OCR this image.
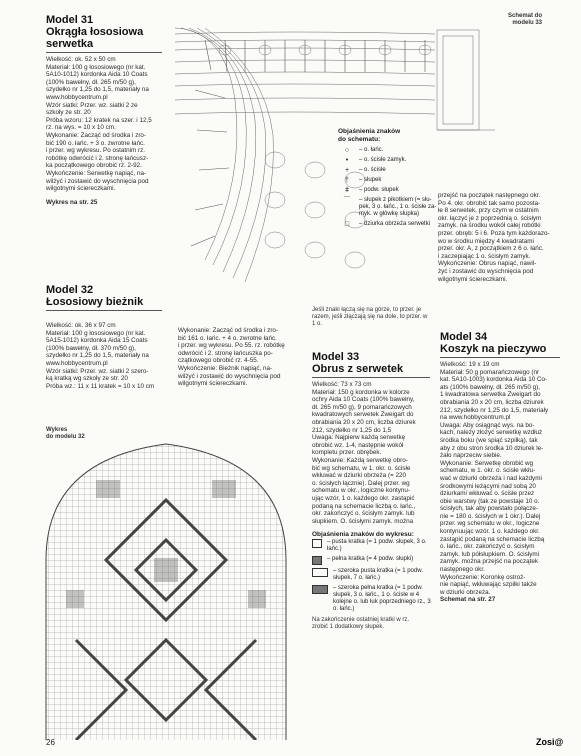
Model 31
Okrągła łososiowa
serwetka
Wielkość: ok. 52 x 50 cm
Materiał: 100 g łososiowego (nr kat.
5A10-1012) kordonka Aida 10 Coats
(100% bawełny, dł. 265 m/50 g),
szydełko nr 1,25 do 1,5, materiały na
www.hobbycentrum.pl
Wzór siatki: Przer. wz. siatki 2 ze
szkoły ze str. 20
Próba wzoru: 12 kratek na szer. i 12,5
rz. na wys. = 10 x 10 cm.
Wykonanie: Zacząć od środka i zro-
bić 190 o. łańc. + 3 o. zwrotne łańc.
i przer. wg wykresu. Po ostatnim rz.
robótkę odwrócić i 2. stronę łańcusz-
ka początkowego obrobić rz. 2-92.
Wykończenie: Serwetkę napiąć, na-
wilżyć i zostawić do wyschnięcia pod
wilgotnymi ściereczkami.
Wykres na str. 25
Schemat do
modelu 33
Objaśnienia znaków
do schematu:
○	– o. łańc.
•	– o. ścisłe zamyk.
+	– o. ścisłe
†	– słupek
ǂ	– podw. słupek
⌒	– słupek z pikotkiem (= słu- pek, 3 o. łańc., 1 o. ścisłe za- myk. w główkę słupka)
□	– dziurka obrzeża serwetki
Jeśli znaki łączą się na górze, to przer. je razem, jeśli złączają się na dole, to przer. w 1 o.
przejść na początek następnego okr.
Po 4. okr. obrobić tak samo pozosta-
łe 8 serwetek, przy czym w ostatnim
okr. łączyć je z poprzednią o. ścisłym
zamyk. na środku wokół całej robótki
przer. obręb: 5 i 6. Poza tym każdorazo-
wo w środku między 4 kwadratami
przer. okr. A, z początkiem z 6 o. łańc.
i zaczepiając 1 o. ścisłym zamyk.
Wykończenie: Obrus napiąć, nawil-
żyć i zostawić do wyschnięcia pod
wilgotnymi ściereczkami.
Model 32
Łososiowy bieżnik
Wielkość: ok. 36 x 97 cm
Materiał: 100 g łososiowego (nr kat.
5A15-1012) kordonka Aida 15 Coats
(100% bawełny, dł. 370 m/50 g),
szydełko nr 1,25 do 1,5, materiały na
www.hobbycentrum.pl
Wzór siatki: Przer. wz. siatki 2 szero-
ką kratką wg szkoły ze str. 20
Próba wz.: 11 x 11 kratek = 10 x 10 cm
Wykonanie: Zacząć od środka i zro-
bić 161 o. łańc. + 4 o. zwrotne łańc.
i przer. wg wykresu. Po 55. rz. robótkę
odwrócić i 2. stronę łańcuszka po-
czątkowego obrobić rz. 4-55.
Wykończenie: Bieżnik napiąć, na-
wilżyć i zostawić do wyschnięcia pod
wilgotnymi ściereczkami.
Wykres
do modelu 32
Model 33
Obrus z serwetek
Wielkość: 73 x 73 cm
Materiał: 150 g kordonka w kolorze
ochry Aida 10 Coats (100% bawełny,
dł. 265 m/50 g), 9 pomarańczowych
kwadratowych serwetek Zweigart do
obrabiania 20 x 20 cm, liczba dziurek
212, szydełko nr 1,25 do 1,5
Uwaga: Najpierw każdą serwetkę
obrobić wz. 1-4, następnie wokół
kompletu przer. obrębek.
Wykonanie: Każdą serwetkę obro-
bić wg schematu, w 1. okr. o. ścisłe
wkłuwać w dziurki obrzeża (= 220
o. ścisłych łącznie). Dalej przer. wg
schematu w okr., logiczne kontynu-
ując wzór, 1 o. każdego okr. zastąpić
podaną na schemacie liczbą o. łańc.,
okr. zakończyć o. ścisłym zamyk. lub
słupkiem. O. ścisłymi zamyk. można
Objaśnienia znaków do wykresu:
– pusta kratka (= 1 podw. słupek, 3 o. łańc.)
– pełna kratka (= 4 podw. słupki)
– szeroka pusta kratka (= 1 podw. słupek, 7 o. łańc.)
– szeroka pełna kratka (= 1 podw. słupek, 3 o. łańc., 1 o. ścisłe w 4 kolejne o. lub łuk poprzedniego rz., 3 o. łańc.)
Na zakończenie ostatniej kratki w rz.
zrobić 1 dodatkowy słupek.
Model 34
Koszyk na pieczywo
Wielkość: 19 x 19 cm
Materiał: 50 g pomarańczowego (nr
kat. 5A10-1003) kordonka Aida 10 Co-
ats (100% bawełny, dł. 265 m/50 g),
1 kwadratowa serwetka Zweigart do
obrabiania 20 x 20 cm, liczba dziurek
212, szydełko nr 1,25 do 1,5, materiały
na www.hobbycentrum.pl
Uwaga: Aby osiągnąć wys. na bo-
kach, należy złożyć serwetkę wzdłuż
środka boku (we spiąć szpilką), tak
aby z obu stron środka 10 dziurek le-
żało naprzeciw siebie.
Wykonanie: Serwetkę obrobić wg
schematu, w 1. okr. o. ścisłe wkłu-
wać w dziurki obrzeża i nad każdymi
środkowymi leżącymi nad sobą 20
dziurkami wkłuwać o. ścisłe przez
obie warstwy (tak ze powstaje 10 o.
ścisłych, tak aby powstało połącze-
nie = 180 o. ścisłych w 1 okr.). Dalej
przer. wg schematu w okr., logiczne
kontynuując wzór. 1 o. każdego okr.
zastąpić podaną na schemacie liczbą
o. łańc., okr. zakończyć o. ścisłym
zamyk. lub półsłupkiem. O. ścisłymi
zamyk. można przejść na początek
następnego okr.
Wykończenie: Koronkę ostroż-
nie napiąć, wkłuwając szpilki także
w dziurki obrzeża.
Schemat na str. 27
26	Zosi@
